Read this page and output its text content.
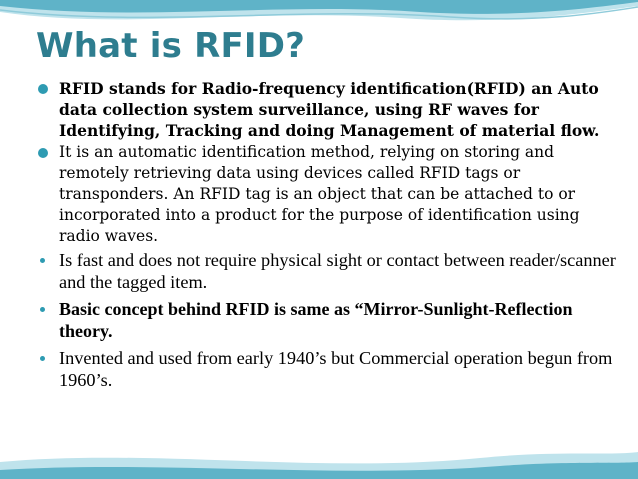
What is RFID?
RFID stands for Radio-frequency identification(RFID) an Auto data collection system surveillance, using RF waves for Identifying, Tracking and doing Management of material flow.
It is an automatic identification method, relying on storing and remotely retrieving data using devices called RFID tags or transponders. An RFID tag is an object that can be attached to or incorporated into a product for the purpose of identification using radio waves.
Is fast and does not require physical sight or contact between reader/scanner and the tagged item.
Basic concept behind RFID is same as “Mirror-Sunlight-Reflection theory.
Invented and used from early 1940’s but Commercial operation begun from 1960’s.
